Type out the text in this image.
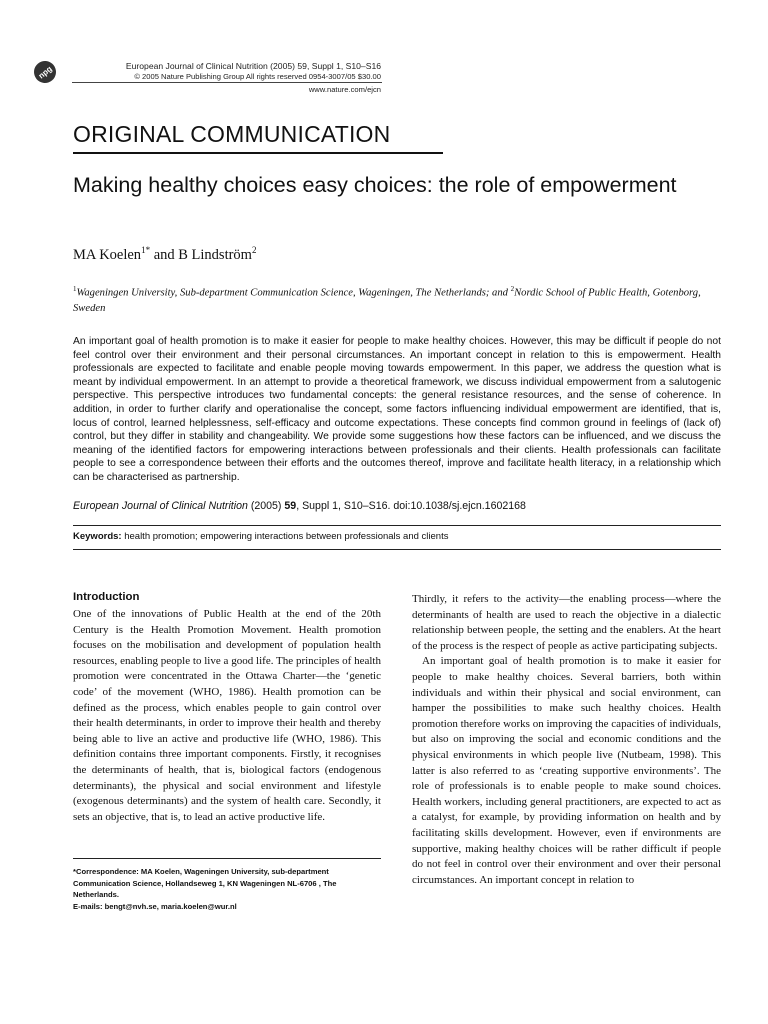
npg	European Journal of Clinical Nutrition (2005) 59, Suppl 1, S10–S16
© 2005 Nature Publishing Group All rights reserved 0954-3007/05 $30.00
www.nature.com/ejcn
ORIGINAL COMMUNICATION
Making healthy choices easy choices: the role of empowerment
MA Koelen$^{1*}$ and B Lindström$^2$
$^1$Wageningen University, Sub-department Communication Science, Wageningen, The Netherlands; and $^2$Nordic School of Public Health, Gotenborg, Sweden
An important goal of health promotion is to make it easier for people to make healthy choices. However, this may be difficult if people do not feel control over their environment and their personal circumstances. An important concept in relation to this is empowerment. Health professionals are expected to facilitate and enable people moving towards empowerment. In this paper, we address the question what is meant by individual empowerment. In an attempt to provide a theoretical framework, we discuss individual empowerment from a salutogenic perspective. This perspective introduces two fundamental concepts: the general resistance resources, and the sense of coherence. In addition, in order to further clarify and operationalise the concept, some factors influencing individual empowerment are identified, that is, locus of control, learned helplessness, self-efficacy and outcome expectations. These concepts find common ground in feelings of (lack of) control, but they differ in stability and changeability. We provide some suggestions how these factors can be influenced, and we discuss the meaning of the identified factors for empowering interactions between professionals and their clients. Health professionals can facilitate people to see a correspondence between their efforts and the outcomes thereof, improve and facilitate health literacy, in a relationship which can be characterised as partnership.
European Journal of Clinical Nutrition (2005) 59, Suppl 1, S10–S16. doi:10.1038/sj.ejcn.1602168
Keywords: health promotion; empowering interactions between professionals and clients
Introduction

One of the innovations of Public Health at the end of the 20th Century is the Health Promotion Movement. Health promotion focuses on the mobilisation and development of population health resources, enabling people to live a good life. The principles of health promotion were concentrated in the Ottawa Charter—the ‘genetic code’ of the movement (WHO, 1986). Health promotion can be defined as the process, which enables people to gain control over their health determinants, in order to improve their health and thereby being able to live an active and productive life (WHO, 1986). This definition contains three important components. Firstly, it recognises the determinants of health, that is, biological factors (endogenous determinants), the physical and social environment and lifestyle (exogenous determinants) and the system of health care. Secondly, it sets an objective, that is, to lead an active productive life.

*Correspondence: MA Koelen, Wageningen University, sub-department Communication Science, Hollandseweg 1, KN Wageningen NL-6706 , The Netherlands.
E-mails: bengt@nvh.se, maria.koelen@wur.nl

Thirdly, it refers to the activity—the enabling process—where the determinants of health are used to reach the objective in a dialectic relationship between people, the setting and the enablers. At the heart of the process is the respect of people as active participating subjects.

An important goal of health promotion is to make it easier for people to make healthy choices. Several barriers, both within individuals and within their physical and social environment, can hamper the possibilities to make such healthy choices. Health promotion therefore works on improving the capacities of individuals, but also on improving the social and economic conditions and the physical environments in which people live (Nutbeam, 1998). This latter is also referred to as ‘creating supportive environments’. The role of professionals is to enable people to make sound choices. Health workers, including general practitioners, are expected to act as a catalyst, for example, by providing information on health and by facilitating skills development. However, even if environments are supportive, making healthy choices will be rather difficult if people do not feel in control over their environment and over their personal circumstances. An important concept in relation to
